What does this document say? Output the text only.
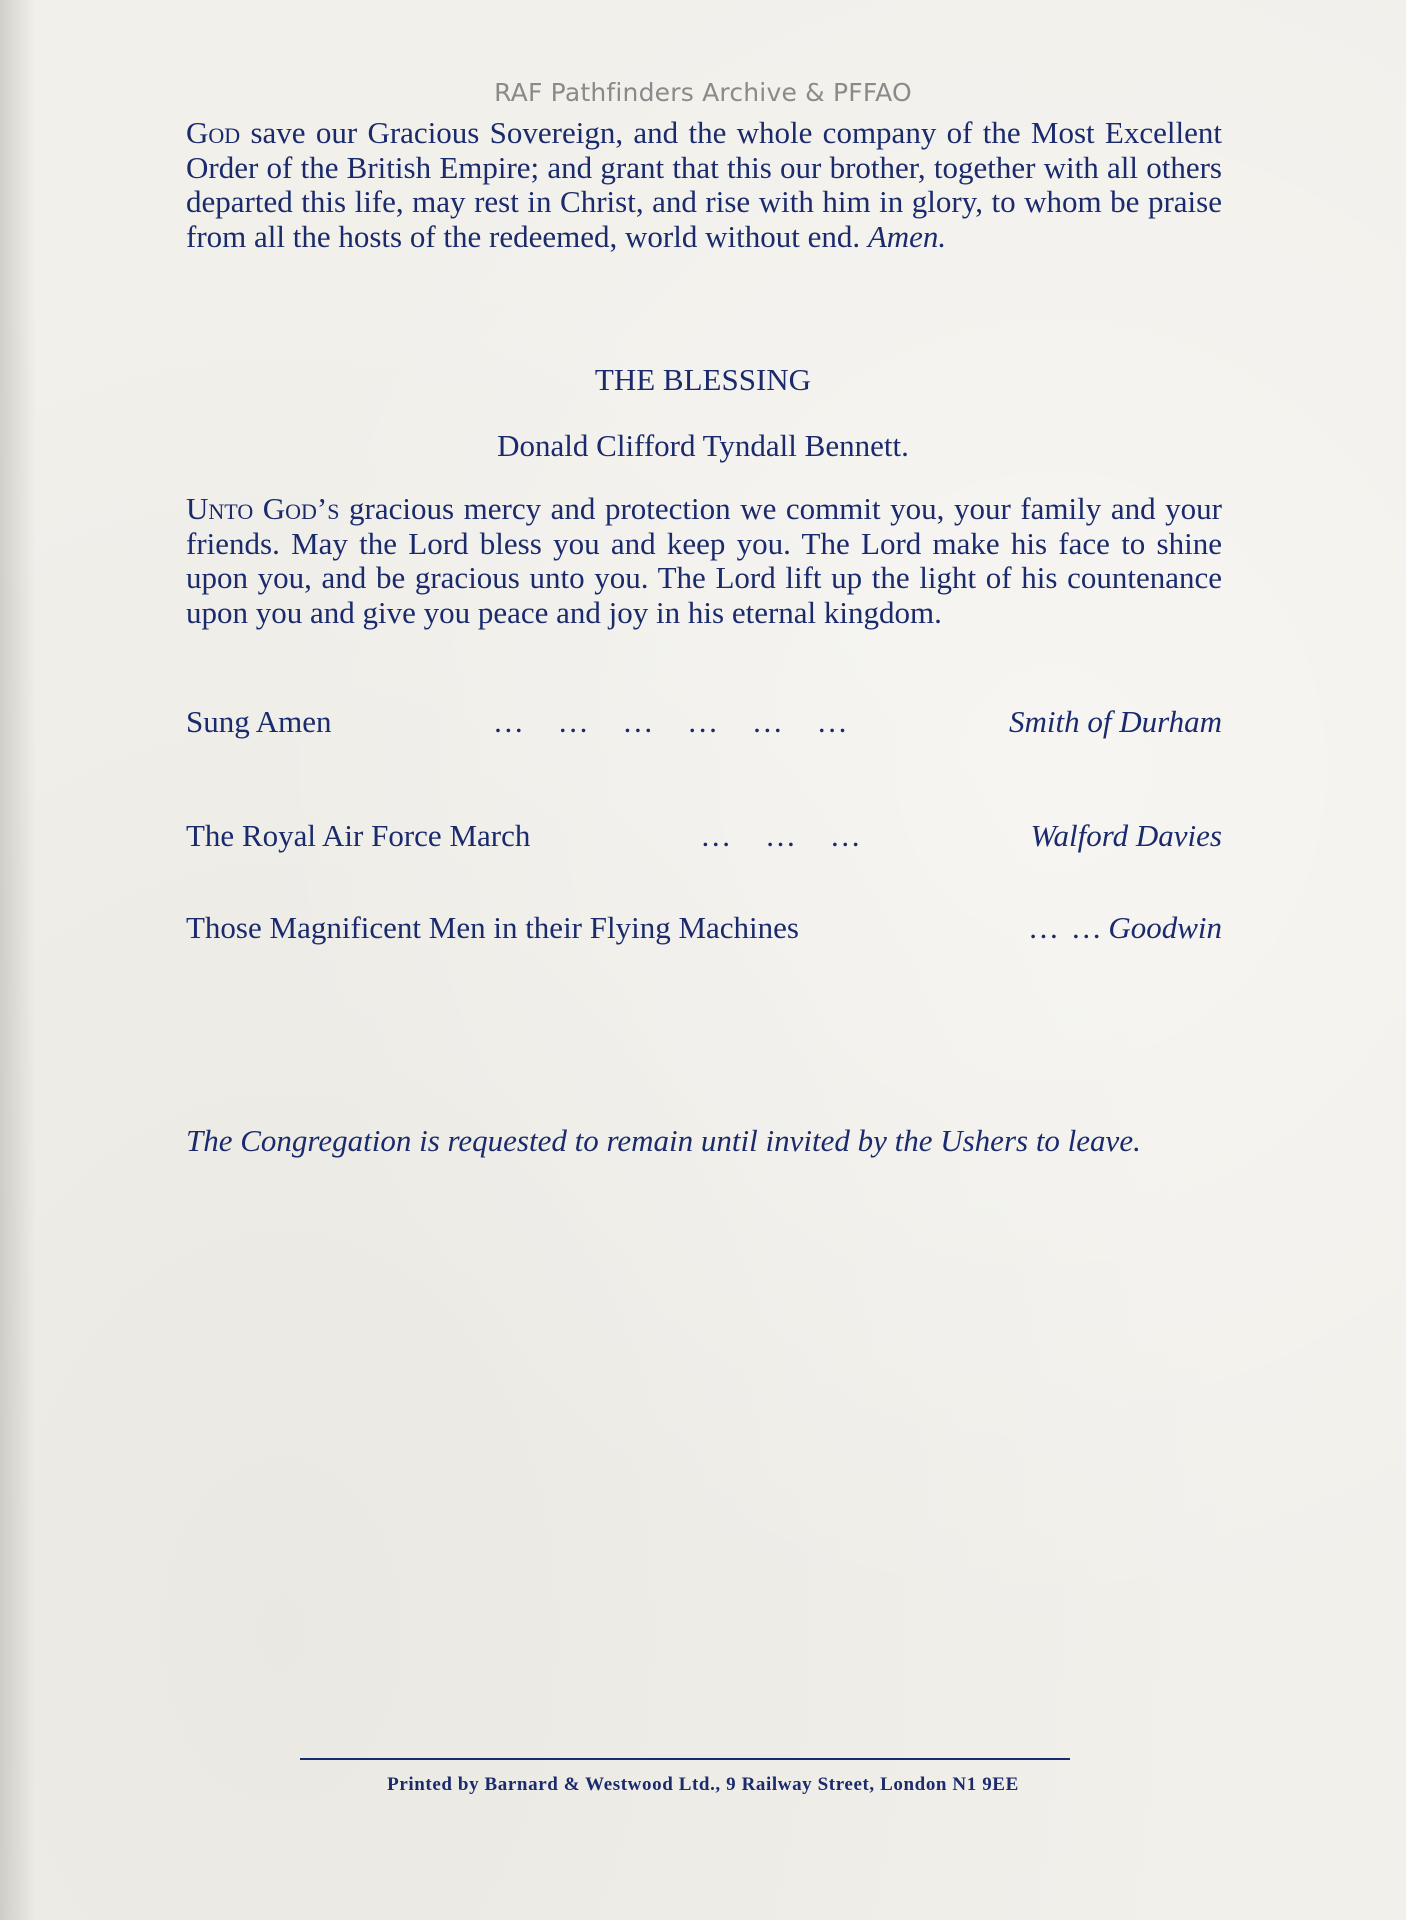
RAF Pathfinders Archive & PFFAO

God save our Gracious Sovereign, and the whole company of the Most Excellent Order of the British Empire; and grant that this our brother, together with all others departed this life, may rest in Christ, and rise with him in glory, to whom be praise from all the hosts of the redeemed, world without end. Amen.

THE BLESSING
Donald Clifford Tyndall Bennett.

Unto God’s gracious mercy and protection we commit you, your family and your friends. May the Lord bless you and keep you. The Lord make his face to shine upon you, and be gracious unto you. The Lord lift up the light of his countenance upon you and give you peace and joy in his eternal kingdom.

Sung Amen	… … … … … …	Smith of Durham
The Royal Air Force March	… … …	Walford Davies
Those Magnificent Men in their Flying Machines	… … Goodwin

The Congregation is requested to remain until invited by the Ushers to leave.

Printed by Barnard & Westwood Ltd., 9 Railway Street, London N1 9EE
